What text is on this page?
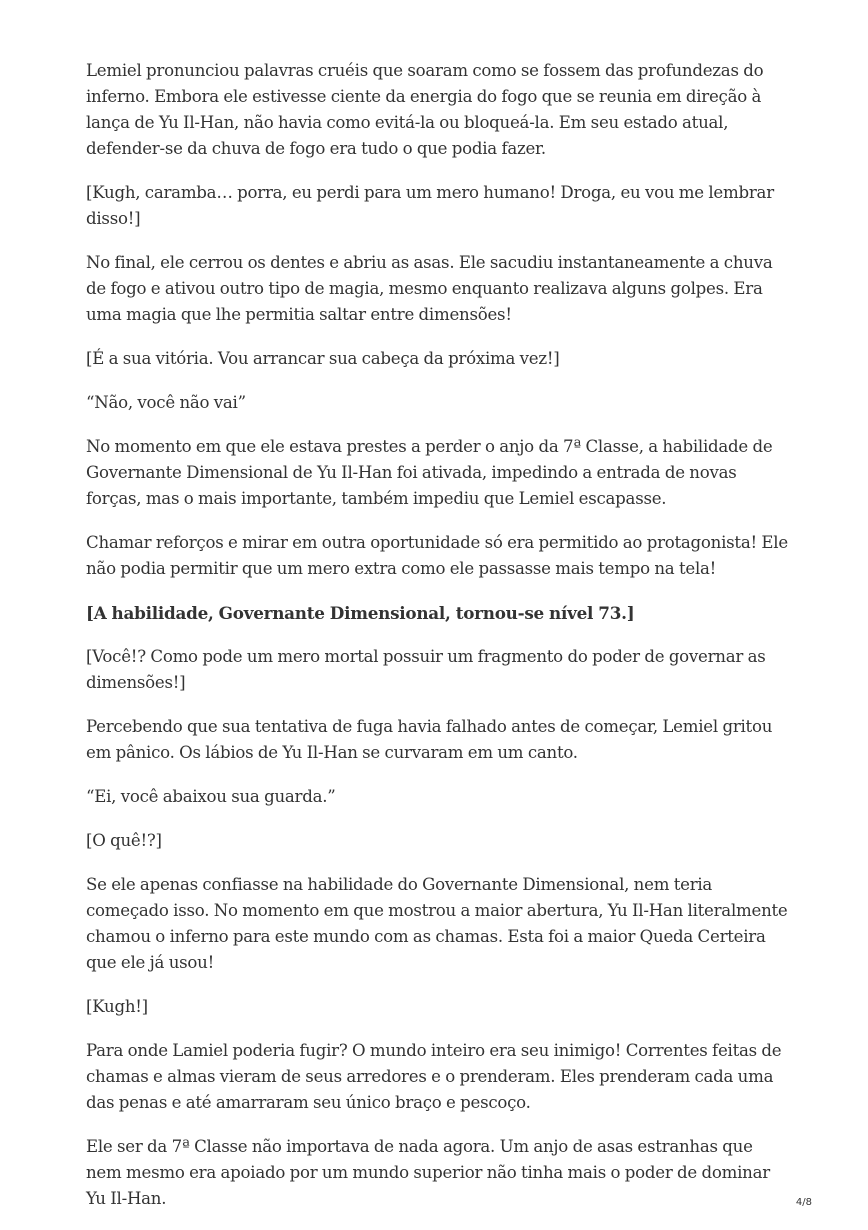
Lemiel pronunciou palavras cruéis que soaram como se fossem das profundezas do inferno. Embora ele estivesse ciente da energia do fogo que se reunia em direção à lança de Yu Il-Han, não havia como evitá-la ou bloqueá-la. Em seu estado atual, defender-se da chuva de fogo era tudo o que podia fazer.

[Kugh, caramba… porra, eu perdi para um mero humano! Droga, eu vou me lembrar disso!]

No final, ele cerrou os dentes e abriu as asas. Ele sacudiu instantaneamente a chuva de fogo e ativou outro tipo de magia, mesmo enquanto realizava alguns golpes. Era uma magia que lhe permitia saltar entre dimensões!

[É a sua vitória. Vou arrancar sua cabeça da próxima vez!]

“Não, você não vai”

No momento em que ele estava prestes a perder o anjo da 7ª Classe, a habilidade de Governante Dimensional de Yu Il-Han foi ativada, impedindo a entrada de novas forças, mas o mais importante, também impediu que Lemiel escapasse.

Chamar reforços e mirar em outra oportunidade só era permitido ao protagonista! Ele não podia permitir que um mero extra como ele passasse mais tempo na tela!

[A habilidade, Governante Dimensional, tornou-se nível 73.]

[Você!? Como pode um mero mortal possuir um fragmento do poder de governar as dimensões!]

Percebendo que sua tentativa de fuga havia falhado antes de começar, Lemiel gritou em pânico. Os lábios de Yu Il-Han se curvaram em um canto.

“Ei, você abaixou sua guarda.”

[O quê!?]

Se ele apenas confiasse na habilidade do Governante Dimensional, nem teria começado isso. No momento em que mostrou a maior abertura, Yu Il-Han literalmente chamou o inferno para este mundo com as chamas. Esta foi a maior Queda Certeira que ele já usou!

[Kugh!]

Para onde Lamiel poderia fugir? O mundo inteiro era seu inimigo! Correntes feitas de chamas e almas vieram de seus arredores e o prenderam. Eles prenderam cada uma das penas e até amarraram seu único braço e pescoço.

Ele ser da 7ª Classe não importava de nada agora. Um anjo de asas estranhas que nem mesmo era apoiado por um mundo superior não tinha mais o poder de dominar Yu Il-Han.	4/8
